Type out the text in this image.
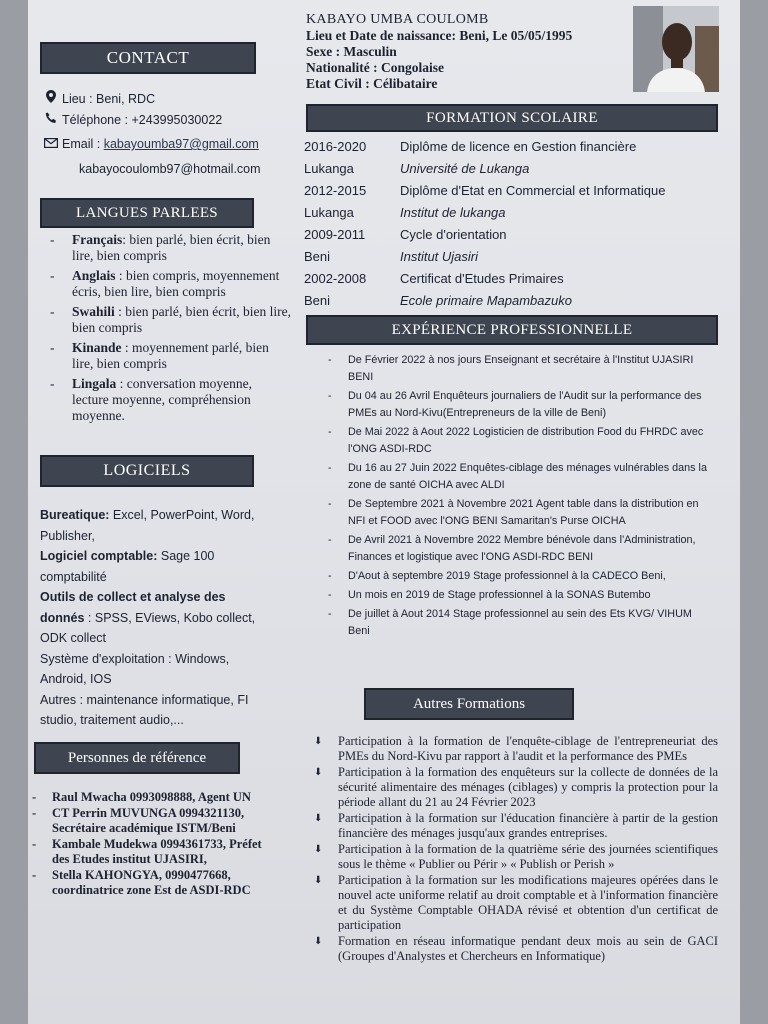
CONTACT
Lieu : Beni, RDC
Téléphone : +243995030022
Email : kabayoumba97@gmail.com
kabayocoulomb97@hotmail.com
LANGUES PARLEES
- Français: bien parlé, bien écrit, bien lire, bien compris
- Anglais : bien compris, moyennement écris, bien lire, bien compris
- Swahili : bien parlé, bien écrit, bien lire, bien compris
- Kinande : moyennement parlé, bien lire, bien compris
- Lingala : conversation moyenne, lecture moyenne, compréhension moyenne.
LOGICIELS
Bureatique: Excel, PowerPoint, Word, Publisher,
Logiciel comptable: Sage 100 comptabilité
Outils de collect et analyse des donnés : SPSS, EViews, Kobo collect, ODK collect
Système d'exploitation : Windows, Android, IOS
Autres : maintenance informatique, FI studio, traitement audio,...
Personnes de référence
- Raul Mwacha 0993098888, Agent UN
- CT Perrin MUVUNGA 0994321130, Secrétaire académique ISTM/Beni
- Kambale Mudekwa 0994361733, Préfet des Etudes institut UJASIRI,
- Stella KAHONGYA, 0990477668, coordinatrice zone Est de ASDI-RDC
KABAYO UMBA COULOMB
Lieu et Date de naissance: Beni, Le 05/05/1995
Sexe : Masculin
Nationalité : Congolaise
Etat Civil : Célibataire
FORMATION SCOLAIRE
2016-2020	Diplôme de licence en Gestion financière
Lukanga	Université de Lukanga
2012-2015	Diplôme d'Etat en Commercial et Informatique
Lukanga	Institut de lukanga
2009-2011	Cycle d'orientation
Beni	Institut Ujasiri
2002-2008	Certificat d'Etudes Primaires
Beni	Ecole primaire Mapambazuko
EXPÉRIENCE PROFESSIONNELLE
- De Février 2022 à nos jours Enseignant et secrétaire à l'Institut UJASIRI BENI
- Du 04 au 26 Avril Enquêteurs journaliers de l'Audit sur la performance des PMEs au Nord-Kivu(Entrepreneurs de la ville de Beni)
- De Mai 2022 à Aout 2022 Logisticien de distribution Food du FHRDC avec l'ONG ASDI-RDC
- Du 16 au 27 Juin 2022 Enquêtes-ciblage des ménages vulnérables dans la zone de santé OICHA avec ALDI
- De Septembre 2021 à Novembre 2021 Agent table dans la distribution en NFI et FOOD avec l'ONG BENI Samaritan's Purse OICHA
- De Avril 2021 à Novembre 2022 Membre bénévole dans l'Administration, Finances et logistique avec l'ONG ASDI-RDC BENI
- D'Aout à septembre 2019 Stage professionnel à la CADECO Beni,
- Un mois en 2019 de Stage professionnel à la SONAS Butembo
- De juillet à Aout 2014 Stage professionnel au sein des Ets KVG/ VIHUM Beni
Autres Formations
⬇ Participation à la formation de l'enquête-ciblage de l'entrepreneuriat des PMEs du Nord-Kivu par rapport à l'audit et la performance des PMEs
⬇ Participation à la formation des enquêteurs sur la collecte de données de la sécurité alimentaire des ménages (ciblages) y compris la protection pour la période allant du 21 au 24 Février 2023
⬇ Participation à la formation sur l'éducation financière à partir de la gestion financière des ménages jusqu'aux grandes entreprises.
⬇ Participation à la formation de la quatrième série des journées scientifiques sous le thème « Publier ou Périr » « Publish or Perish »
⬇ Participation à la formation sur les modifications majeures opérées dans le nouvel acte uniforme relatif au droit comptable et à l'information financière et du Système Comptable OHADA révisé et obtention d'un certificat de participation
⬇ Formation en réseau informatique pendant deux mois au sein de GACI (Groupes d'Analystes et Chercheurs en Informatique)
